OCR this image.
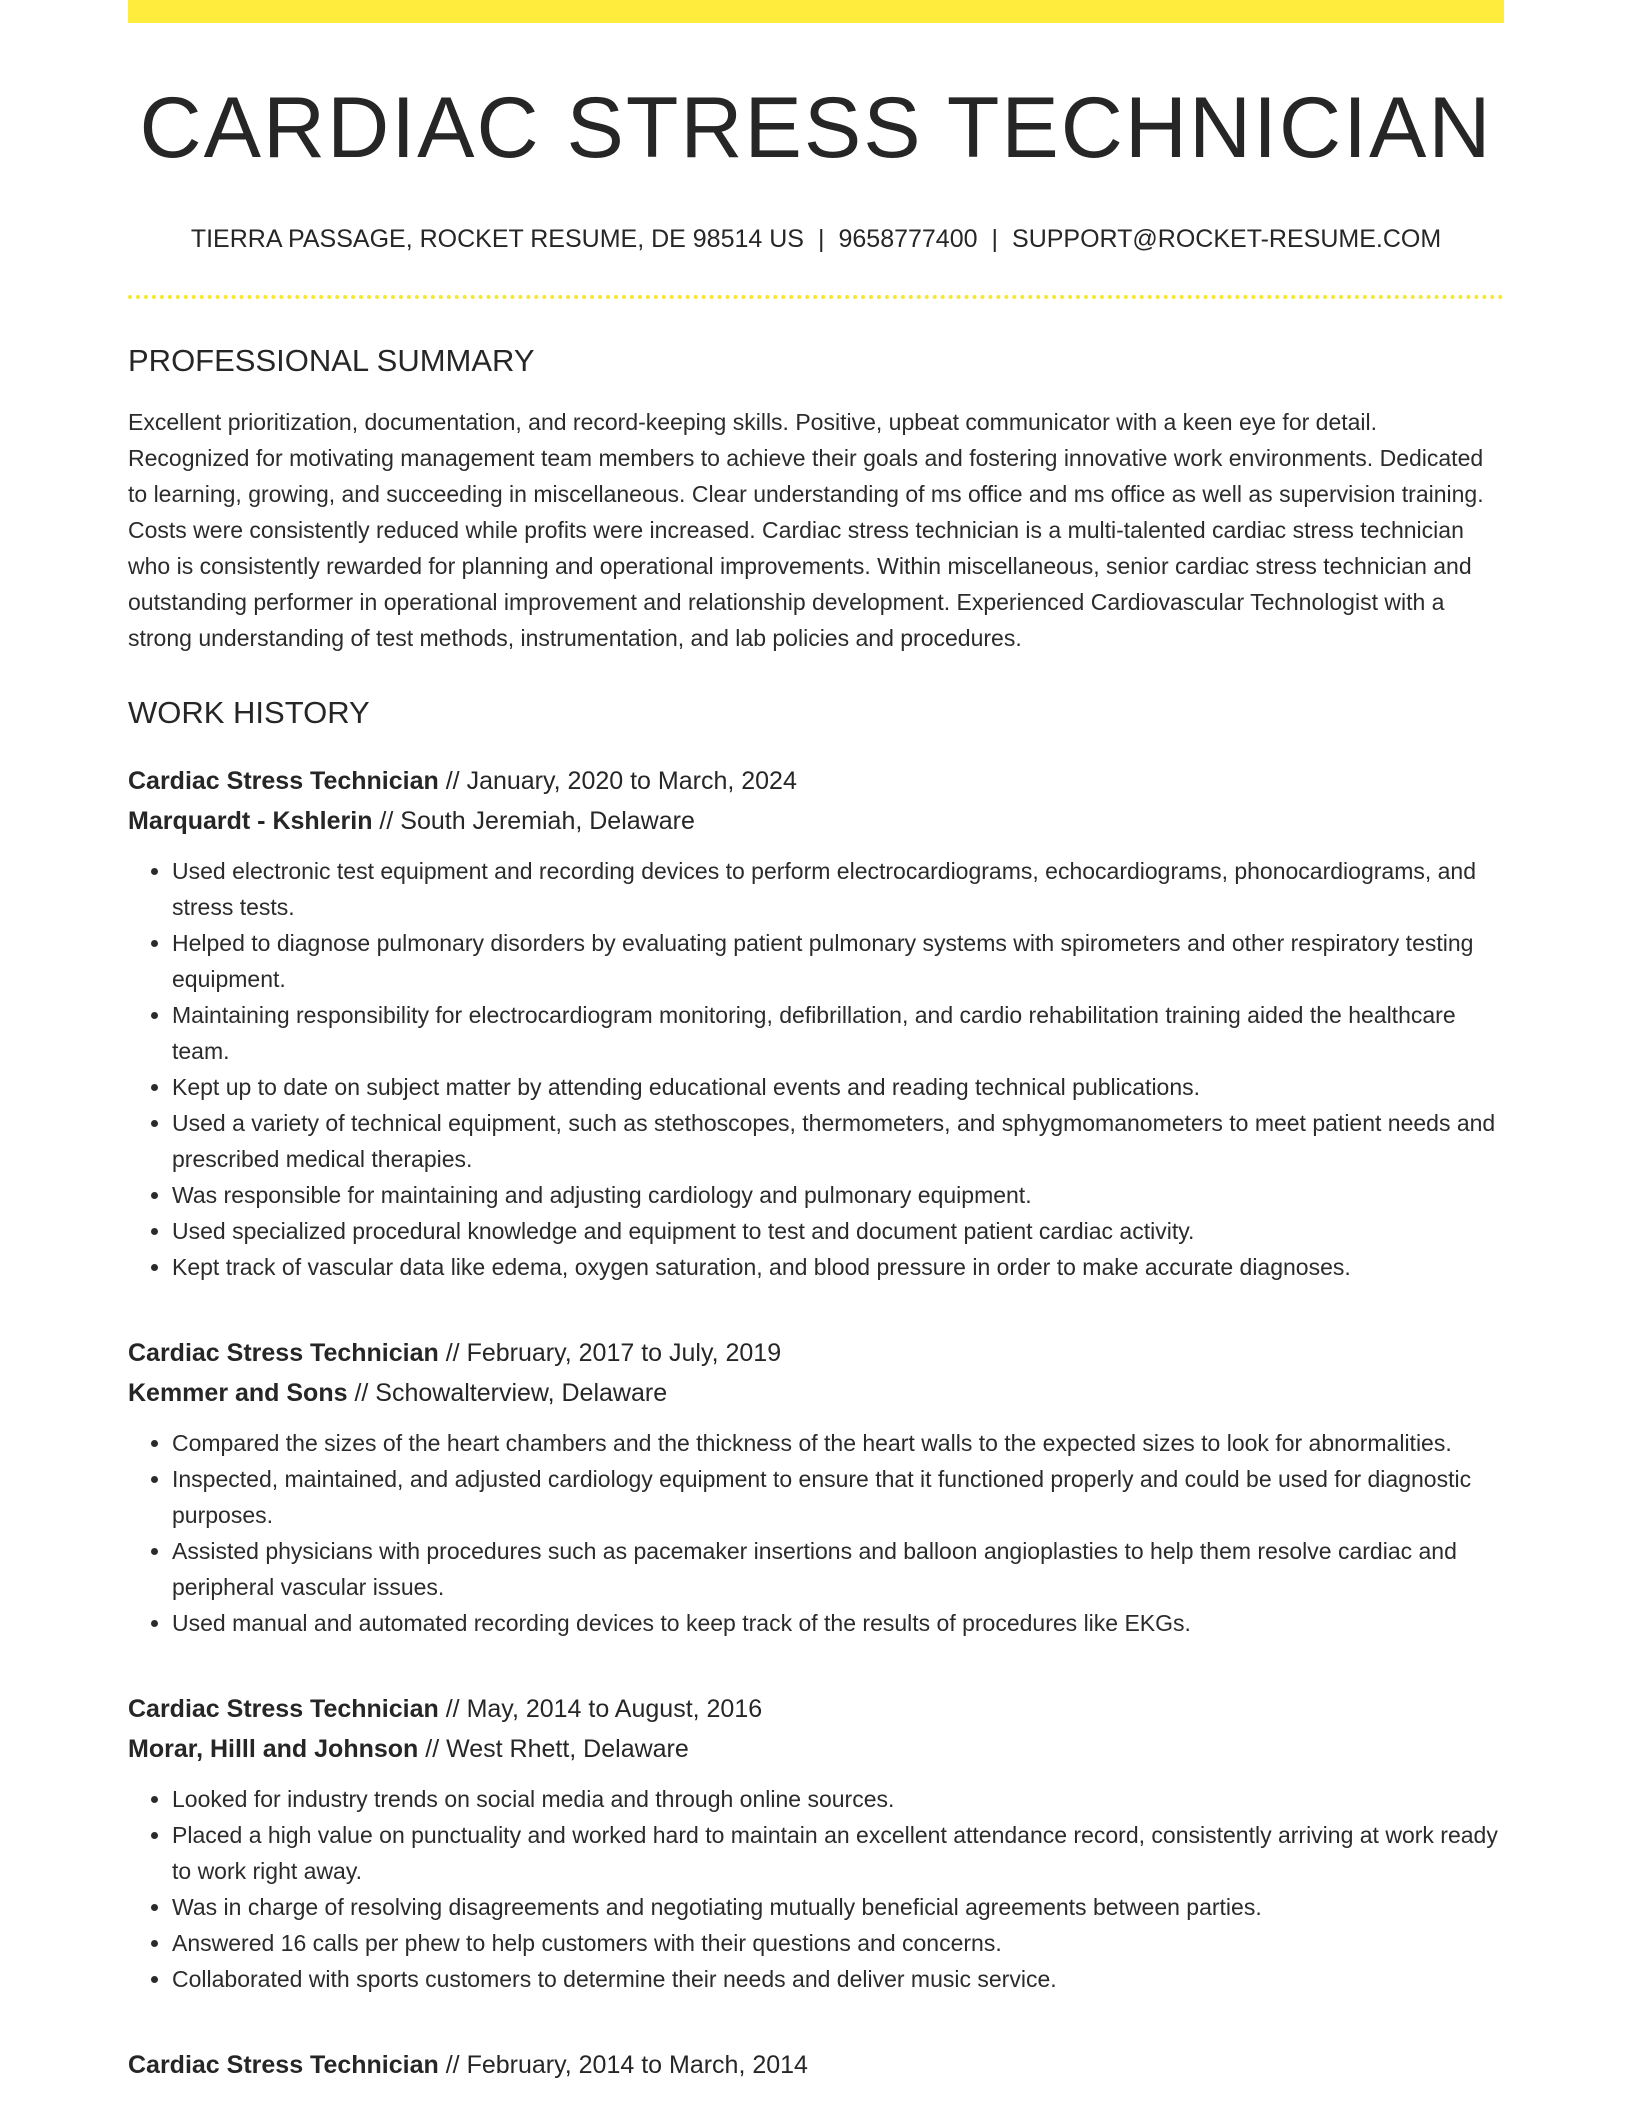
CARDIAC STRESS TECHNICIAN
TIERRA PASSAGE, ROCKET RESUME, DE 98514 US | 9658777400 | SUPPORT@ROCKET-RESUME.COM
PROFESSIONAL SUMMARY

Excellent prioritization, documentation, and record-keeping skills. Positive, upbeat communicator with a keen eye for detail. Recognized for motivating management team members to achieve their goals and fostering innovative work environments. Dedicated to learning, growing, and succeeding in miscellaneous. Clear understanding of ms office and ms office as well as supervision training. Costs were consistently reduced while profits were increased. Cardiac stress technician is a multi-talented cardiac stress technician who is consistently rewarded for planning and operational improvements. Within miscellaneous, senior cardiac stress technician and outstanding performer in operational improvement and relationship development. Experienced Cardiovascular Technologist with a strong understanding of test methods, instrumentation, and lab policies and procedures.

WORK HISTORY
Cardiac Stress Technician // January, 2020 to March, 2024
Marquardt - Kshlerin // South Jeremiah, Delaware
• Used electronic test equipment and recording devices to perform electrocardiograms, echocardiograms, phonocardiograms, and stress tests.
• Helped to diagnose pulmonary disorders by evaluating patient pulmonary systems with spirometers and other respiratory testing equipment.
• Maintaining responsibility for electrocardiogram monitoring, defibrillation, and cardio rehabilitation training aided the healthcare team.
• Kept up to date on subject matter by attending educational events and reading technical publications.
• Used a variety of technical equipment, such as stethoscopes, thermometers, and sphygmomanometers to meet patient needs and prescribed medical therapies.
• Was responsible for maintaining and adjusting cardiology and pulmonary equipment.
• Used specialized procedural knowledge and equipment to test and document patient cardiac activity.
• Kept track of vascular data like edema, oxygen saturation, and blood pressure in order to make accurate diagnoses.
Cardiac Stress Technician // February, 2017 to July, 2019
Kemmer and Sons // Schowalterview, Delaware
• Compared the sizes of the heart chambers and the thickness of the heart walls to the expected sizes to look for abnormalities.
• Inspected, maintained, and adjusted cardiology equipment to ensure that it functioned properly and could be used for diagnostic purposes.
• Assisted physicians with procedures such as pacemaker insertions and balloon angioplasties to help them resolve cardiac and peripheral vascular issues.
• Used manual and automated recording devices to keep track of the results of procedures like EKGs.
Cardiac Stress Technician // May, 2014 to August, 2016
Morar, Hilll and Johnson // West Rhett, Delaware
• Looked for industry trends on social media and through online sources.
• Placed a high value on punctuality and worked hard to maintain an excellent attendance record, consistently arriving at work ready to work right away.
• Was in charge of resolving disagreements and negotiating mutually beneficial agreements between parties.
• Answered 16 calls per phew to help customers with their questions and concerns.
• Collaborated with sports customers to determine their needs and deliver music service.
Cardiac Stress Technician // February, 2014 to March, 2014
